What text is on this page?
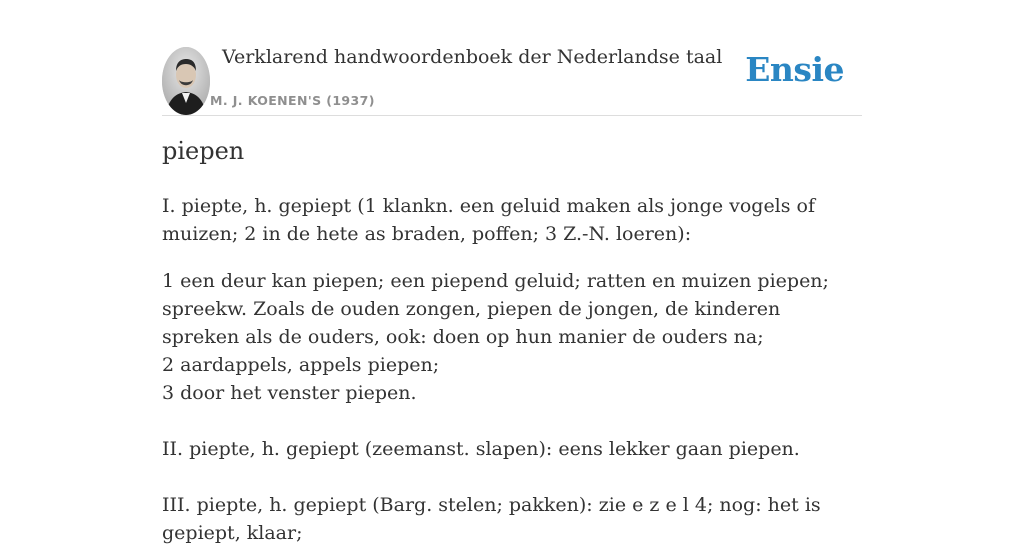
Verklarend handwoordenboek der Nederlandse taal
M. J. KOENEN'S (1937)
Ensie
piepen

I. piepte, h. gepiept (1 klankn. een geluid maken als jonge vogels of muizen; 2 in de hete as braden, poffen; 3 Z.-N. loeren):

1 een deur kan piepen; een piepend geluid; ratten en muizen piepen; spreekw. Zoals de ouden zongen, piepen de jongen, de kinderen spreken als de ouders, ook: doen op hun manier de ouders na;

2 aardappels, appels piepen;

3 door het venster piepen.

II. piepte, h. gepiept (zeemanst. slapen): eens lekker gaan piepen.

III. piepte, h. gepiept (Barg. stelen; pakken): zie e z e l 4; nog: het is gepiept, klaar;
